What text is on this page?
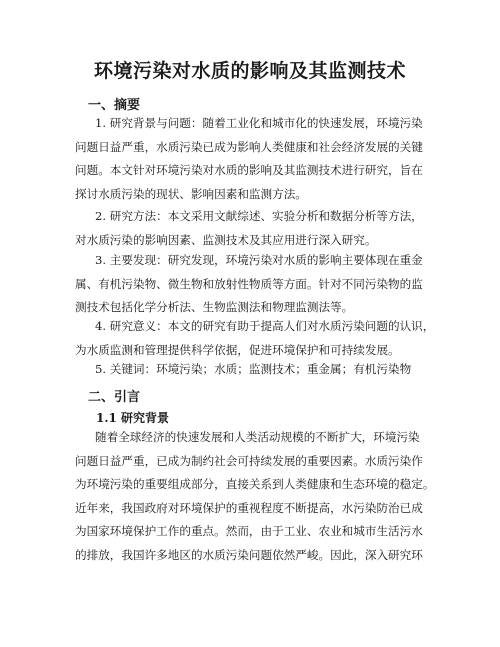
环境污染对水质的影响及其监测技术
一、摘要

1. 研究背景与问题：随着工业化和城市化的快速发展，环境污染
问题日益严重，水质污染已成为影响人类健康和社会经济发展的关键
问题。本文针对环境污染对水质的影响及其监测技术进行研究，旨在
探讨水质污染的现状、影响因素和监测方法。

2. 研究方法：本文采用文献综述、实验分析和数据分析等方法，
对水质污染的影响因素、监测技术及其应用进行深入研究。

3. 主要发现：研究发现，环境污染对水质的影响主要体现在重金
属、有机污染物、微生物和放射性物质等方面。针对不同污染物的监
测技术包括化学分析法、生物监测法和物理监测法等。

4. 研究意义：本文的研究有助于提高人们对水质污染问题的认识，
为水质监测和管理提供科学依据，促进环境保护和可持续发展。

5. 关键词：环境污染；水质；监测技术；重金属；有机污染物

二、引言
1.1 研究背景

随着全球经济的快速发展和人类活动规模的不断扩大，环境污染
问题日益严重，已成为制约社会可持续发展的重要因素。水质污染作
为环境污染的重要组成部分，直接关系到人类健康和生态环境的稳定。
近年来，我国政府对环境保护的重视程度不断提高，水污染防治已成
为国家环境保护工作的重点。然而，由于工业、农业和城市生活污水
的排放，我国许多地区的水质污染问题依然严峻。因此，深入研究环
